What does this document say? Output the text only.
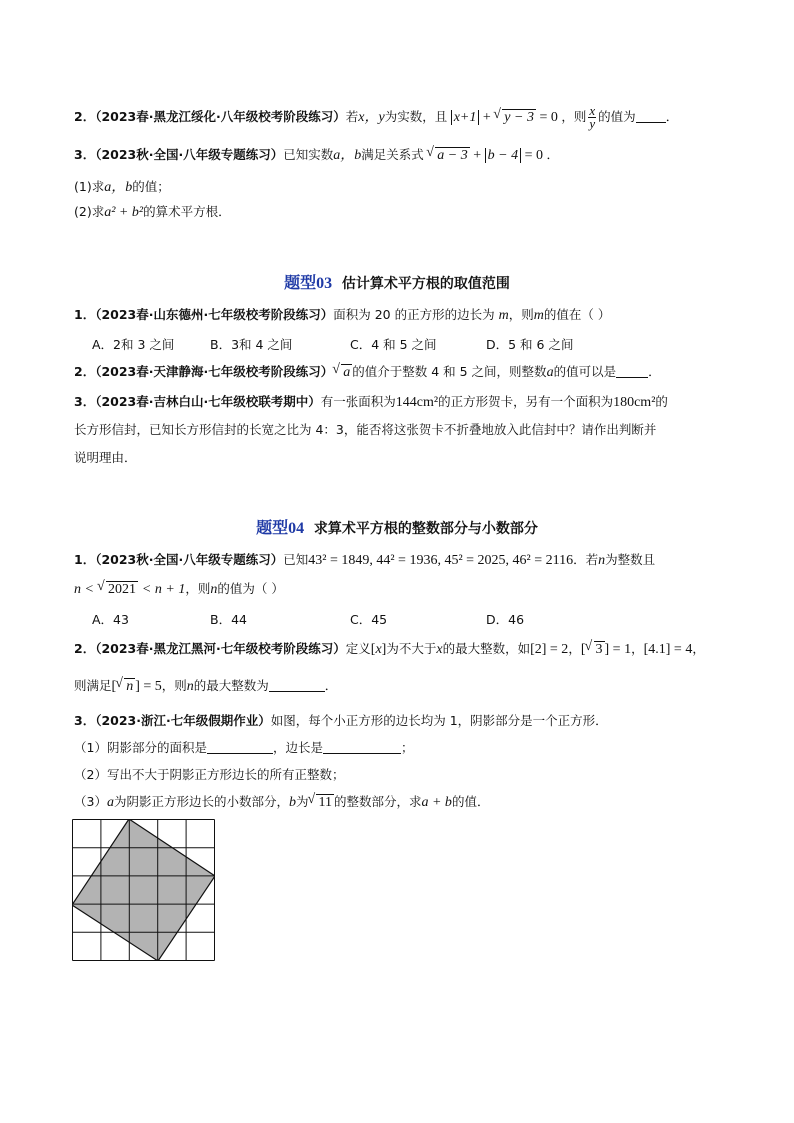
2．（2023春·黑龙江绥化·八年级校考阶段练习）若x，y为实数，且 x+1 + √ y − 3 = 0 ，则 $\frac{x}{y}$ 的值为 ．
3．（2023秋·全国·八年级专题练习）已知实数a，b满足关系式 √ a − 3 + b − 4 = 0 ．
(1)求a，b的值；
(2)求a² + b²的算术平方根．
题型03 估计算术平方根的取值范围
1．（2023春·山东德州·七年级校考阶段练习）面积为 20 的正方形的边长为 m，则m的值在（ ）
A．2和 3 之间	B．3和 4 之间	C．4 和 5 之间	D．5 和 6 之间
2．（2023春·天津静海·七年级校考阶段练习） √ a 的值介于整数 4 和 5 之间，则整数a的值可以是	．
3．（2023春·吉林白山·七年级校联考期中）有一张面积为144cm²的正方形贺卡，另有一个面积为180cm²的
长方形信封，已知长方形信封的长宽之比为 4：3，能否将这张贺卡不折叠地放入此信封中？请作出判断并
说明理由．
题型04 求算术平方根的整数部分与小数部分
1．（2023秋·全国·八年级专题练习）已知43² = 1849, 44² = 1936, 45² = 2025, 46² = 2116．若n为整数且
n < √ 2021 < n + 1，则n的值为（ ）
A．43	B．44	C．45	D．46
2．（2023春·黑龙江黑河·七年级校考阶段练习）定义[x]为不大于x的最大整数，如[2] = 2，[ √ 3 ] = 1，[4.1] = 4，
则满足[ √ n ] = 5，则n的最大整数为	．
3．（2023·浙江·七年级假期作业）如图，每个小正方形的边长均为 1，阴影部分是一个正方形．
（1）阴影部分的面积是	，边长是	；
（2）写出不大于阴影正方形边长的所有正整数；
（3）a为阴影正方形边长的小数部分，b为 √ 11 的整数部分，求a + b的值．
